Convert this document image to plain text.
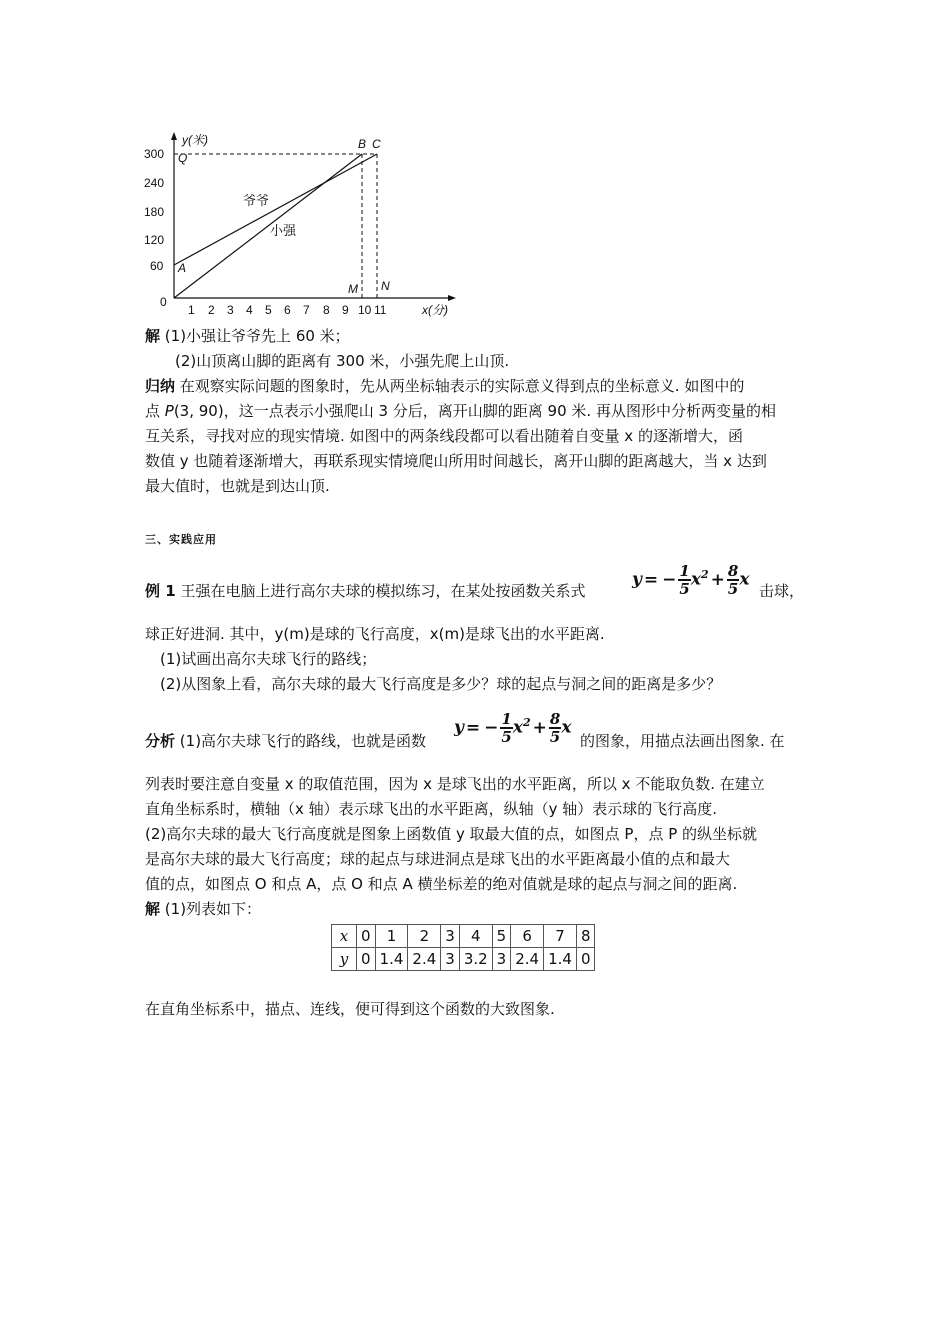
300
240
180
120
60
0
1 2 3 4 5 6 7 8 9 10 11
y(米)
x(分)
Q
A
B C
M N
爷爷
小强
解 (1)小强让爷爷先上 60 米；
(2)山顶离山脚的距离有 300 米，小强先爬上山顶.
归纳 在观察实际问题的图象时，先从两坐标轴表示的实际意义得到点的坐标意义. 如图中的
点 P(3, 90)，这一点表示小强爬山 3 分后，离开山脚的距离 90 米. 再从图形中分析两变量的相
互关系，寻找对应的现实情境. 如图中的两条线段都可以看出随着自变量 x 的逐渐增大，函
数值 y 也随着逐渐增大，再联系现实情境爬山所用时间越长，离开山脚的距离越大，当 x 达到
最大值时，也就是到达山顶.
三、实践应用
例 1 王强在电脑上进行高尔夫球的模拟练习，在某处按函数关系式
y = − $\frac{1}{5} x^2 + \frac{8}{5}$ x
击球，
球正好进洞. 其中，y(m)是球的飞行高度，x(m)是球飞出的水平距离.
(1)试画出高尔夫球飞行的路线；
(2)从图象上看，高尔夫球的最大飞行高度是多少？球的起点与洞之间的距离是多少？
分析 (1)高尔夫球飞行的路线，也就是函数
y = − $\frac{1}{5} x^2 + \frac{8}{5}$ x
的图象，用描点法画出图象. 在
列表时要注意自变量 x 的取值范围，因为 x 是球飞出的水平距离，所以 x 不能取负数. 在建立
直角坐标系时，横轴（x 轴）表示球飞出的水平距离，纵轴（y 轴）表示球的飞行高度.
(2)高尔夫球的最大飞行高度就是图象上函数值 y 取最大值的点，如图点 P，点 P 的纵坐标就
是高尔夫球的最大飞行高度；球的起点与球进洞点是球飞出的水平距离最小值的点和最大
值的点，如图点 O 和点 A，点 O 和点 A 横坐标差的绝对值就是球的起点与洞之间的距离.
解 (1)列表如下：
x	0	1	2	3	4	5	6	7	8
y	0	1.4	2.4	3	3.2	3	2.4	1.4	0
在直角坐标系中，描点、连线，便可得到这个函数的大致图象.
